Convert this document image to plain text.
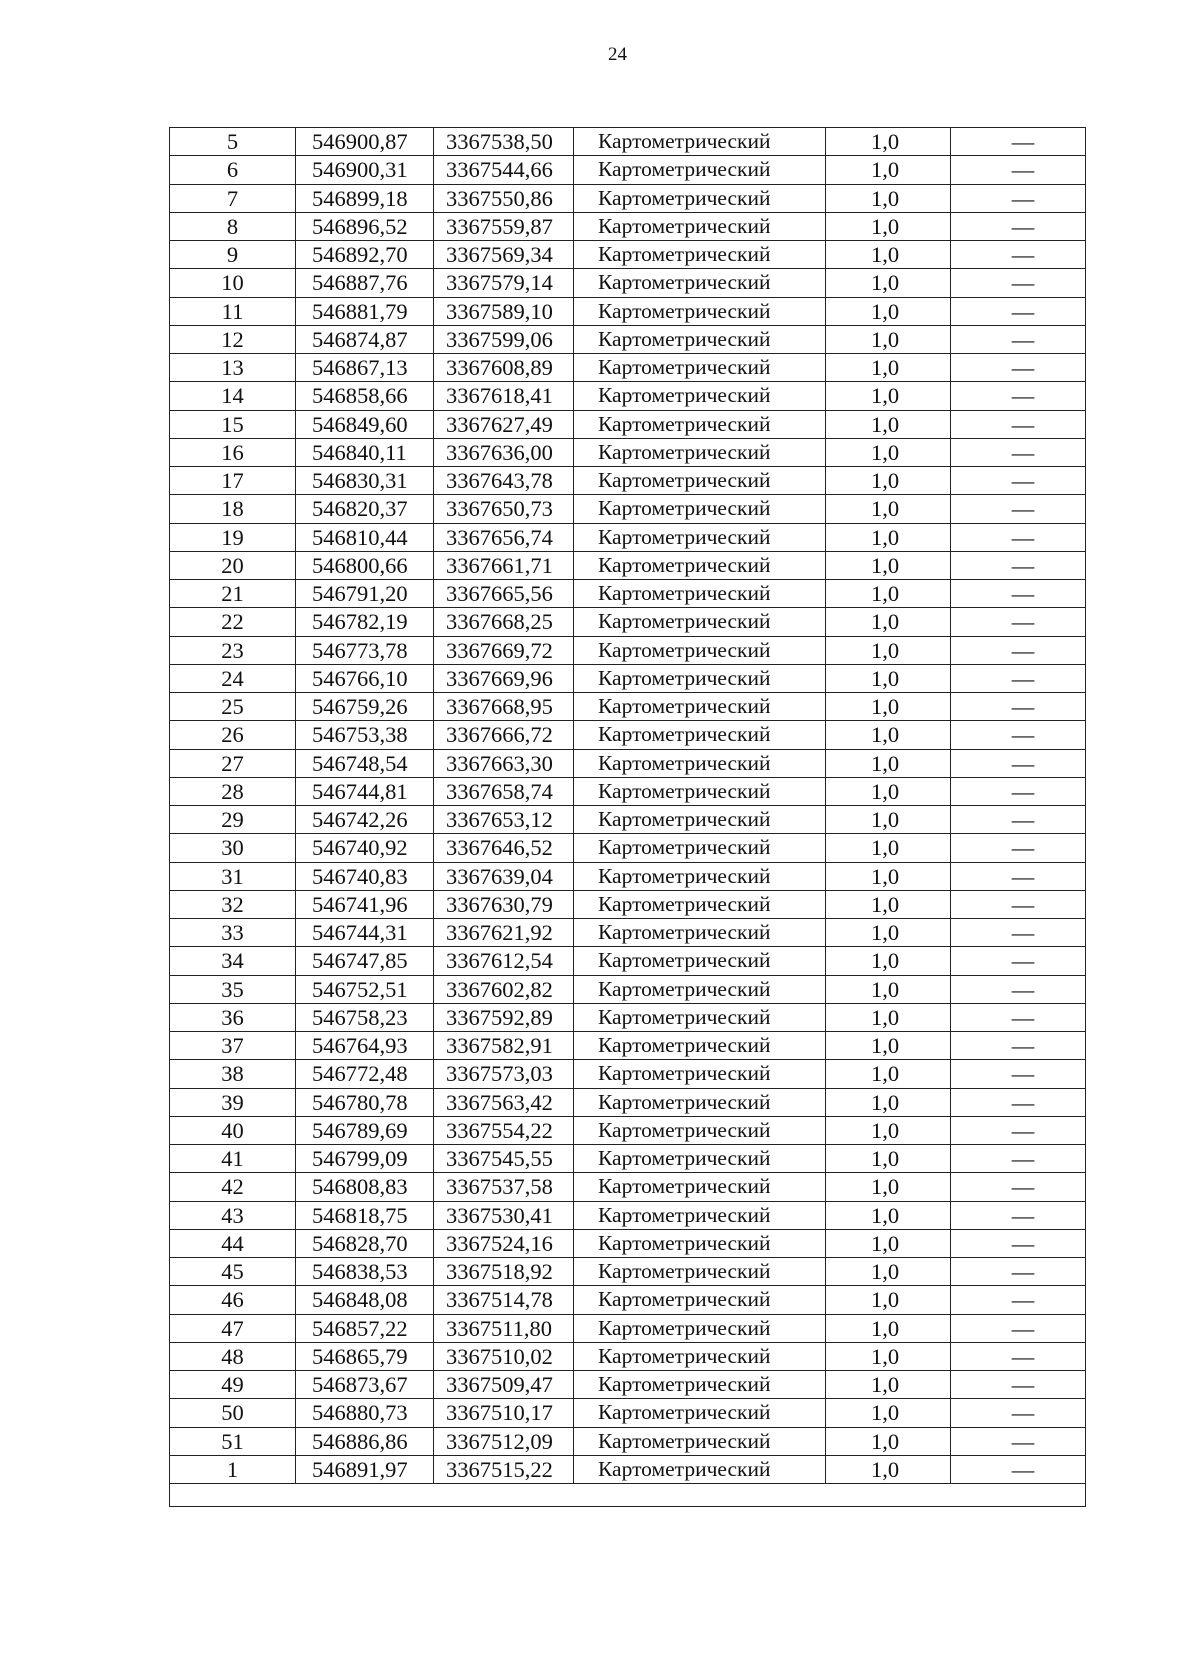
24
5	546900,87	3367538,50	Картометрический	1,0	—
6	546900,31	3367544,66	Картометрический	1,0	—
7	546899,18	3367550,86	Картометрический	1,0	—
8	546896,52	3367559,87	Картометрический	1,0	—
9	546892,70	3367569,34	Картометрический	1,0	—
10	546887,76	3367579,14	Картометрический	1,0	—
11	546881,79	3367589,10	Картометрический	1,0	—
12	546874,87	3367599,06	Картометрический	1,0	—
13	546867,13	3367608,89	Картометрический	1,0	—
14	546858,66	3367618,41	Картометрический	1,0	—
15	546849,60	3367627,49	Картометрический	1,0	—
16	546840,11	3367636,00	Картометрический	1,0	—
17	546830,31	3367643,78	Картометрический	1,0	—
18	546820,37	3367650,73	Картометрический	1,0	—
19	546810,44	3367656,74	Картометрический	1,0	—
20	546800,66	3367661,71	Картометрический	1,0	—
21	546791,20	3367665,56	Картометрический	1,0	—
22	546782,19	3367668,25	Картометрический	1,0	—
23	546773,78	3367669,72	Картометрический	1,0	—
24	546766,10	3367669,96	Картометрический	1,0	—
25	546759,26	3367668,95	Картометрический	1,0	—
26	546753,38	3367666,72	Картометрический	1,0	—
27	546748,54	3367663,30	Картометрический	1,0	—
28	546744,81	3367658,74	Картометрический	1,0	—
29	546742,26	3367653,12	Картометрический	1,0	—
30	546740,92	3367646,52	Картометрический	1,0	—
31	546740,83	3367639,04	Картометрический	1,0	—
32	546741,96	3367630,79	Картометрический	1,0	—
33	546744,31	3367621,92	Картометрический	1,0	—
34	546747,85	3367612,54	Картометрический	1,0	—
35	546752,51	3367602,82	Картометрический	1,0	—
36	546758,23	3367592,89	Картометрический	1,0	—
37	546764,93	3367582,91	Картометрический	1,0	—
38	546772,48	3367573,03	Картометрический	1,0	—
39	546780,78	3367563,42	Картометрический	1,0	—
40	546789,69	3367554,22	Картометрический	1,0	—
41	546799,09	3367545,55	Картометрический	1,0	—
42	546808,83	3367537,58	Картометрический	1,0	—
43	546818,75	3367530,41	Картометрический	1,0	—
44	546828,70	3367524,16	Картометрический	1,0	—
45	546838,53	3367518,92	Картометрический	1,0	—
46	546848,08	3367514,78	Картометрический	1,0	—
47	546857,22	3367511,80	Картометрический	1,0	—
48	546865,79	3367510,02	Картометрический	1,0	—
49	546873,67	3367509,47	Картометрический	1,0	—
50	546880,73	3367510,17	Картометрический	1,0	—
51	546886,86	3367512,09	Картометрический	1,0	—
1	546891,97	3367515,22	Картометрический	1,0	—
